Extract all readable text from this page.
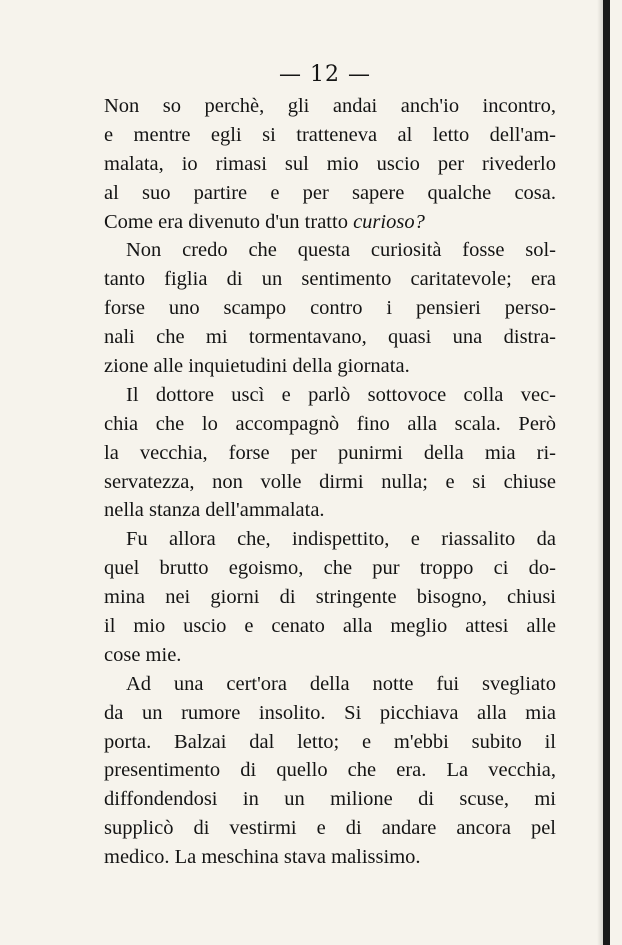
— 12 —
Non so perchè, gli andai anch'io incontro,
e mentre egli si tratteneva al letto dell'am-
malata, io rimasi sul mio uscio per rivederlo
al suo partire e per sapere qualche cosa.
Come era divenuto d'un tratto curioso?
Non credo che questa curiosità fosse sol-
tanto figlia di un sentimento caritatevole; era
forse uno scampo contro i pensieri perso-
nali che mi tormentavano, quasi una distra-
zione alle inquietudini della giornata.
Il dottore uscì e parlò sottovoce colla vec-
chia che lo accompagnò fino alla scala. Però
la vecchia, forse per punirmi della mia ri-
servatezza, non volle dirmi nulla; e si chiuse
nella stanza dell'ammalata.
Fu allora che, indispettito, e riassalito da
quel brutto egoismo, che pur troppo ci do-
mina nei giorni di stringente bisogno, chiusi
il mio uscio e cenato alla meglio attesi alle
cose mie.
Ad una cert'ora della notte fui svegliato
da un rumore insolito. Si picchiava alla mia
porta. Balzai dal letto; e m'ebbi subito il
presentimento di quello che era. La vecchia,
diffondendosi in un milione di scuse, mi
supplicò di vestirmi e di andare ancora pel
medico. La meschina stava malissimo.
